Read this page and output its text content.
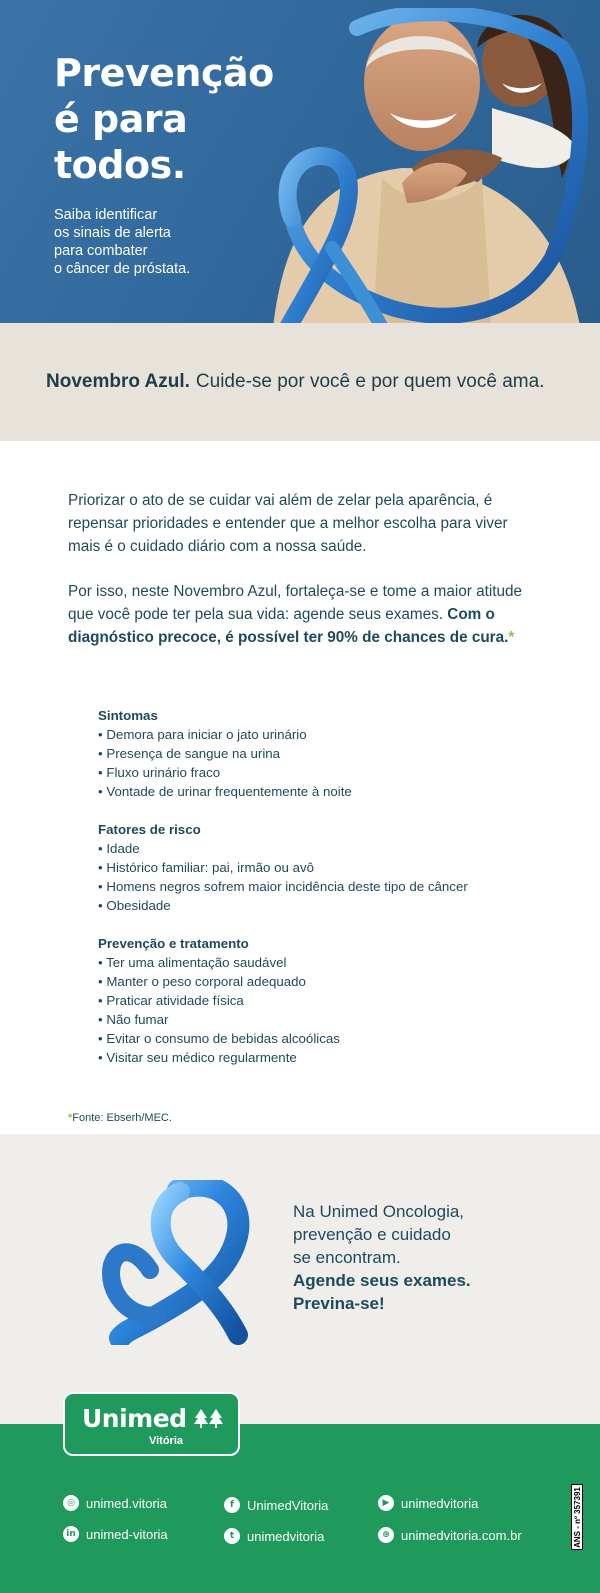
Prevenção
é para
todos.
Saiba identificar
os sinais de alerta
para combater
o câncer de próstata.
Novembro Azul. Cuide-se por você e por quem você ama.

Priorizar o ato de se cuidar vai além de zelar pela aparência, é repensar prioridades e entender que a melhor escolha para viver mais é o cuidado diário com a nossa saúde.

Por isso, neste Novembro Azul, fortaleça-se e tome a maior atitude que você pode ter pela sua vida: agende seus exames. Com o diagnóstico precoce, é possível ter 90% de chances de cura.*

Sintomas
• Demora para iniciar o jato urinário
• Presença de sangue na urina
• Fluxo urinário fraco
• Vontade de urinar frequentemente à noite
Fatores de risco
• Idade
• Histórico familiar: pai, irmão ou avô
• Homens negros sofrem maior incidência deste tipo de câncer
• Obesidade
Prevenção e tratamento
• Ter uma alimentação saudável
• Manter o peso corporal adequado
• Praticar atividade física
• Não fumar
• Evitar o consumo de bebidas alcoólicas
• Visitar seu médico regularmente
*Fonte: Ebserh/MEC.
Na Unimed Oncologia,
prevenção e cuidado
se encontram.
Agende seus exames.
Previna-se!
Unimed
Vitória
◎ unimed.vitoria
in unimed-vitoria
f	UnimedVitoria
t unimedvitoria
▶ unimedvitoria
⊕ unimedvitoria.com.br	ANS - nº 357391
